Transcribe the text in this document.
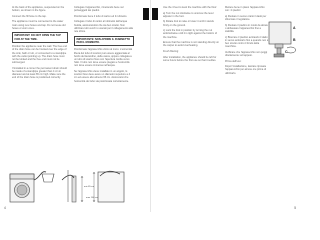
At the back of the appliance, suspended on the bottom, as shown in the figure.

Connect the fill hose to the tap.

The appliance must be connected to the water main using new hoses and tap. Do not reuse old hoses or worn ones.

IMPORTANT: DO NOT OPEN THE TAP FOR AT THE TIME.

Position the appliance near the wall. The free end of the drain hose can be hooked over the edge of the sink, bath or tub, or connected to a standpipe with the outlet pointing up. The drain hose must not be kinked and the free end must not be submerged.

If installed in a corner the permanent drain should be made of a standpipe greater than 4 cm in diameter and at least 65 cm high. Make sure the end of the drain hose is positioned correctly.

Collegare l'apparecchio, rimettendo bene nel portaoggetti dei piedini.

Posizionare bene il tubo di carico ed il rubinetto.

Collegare il tubo di carico al rubinetto dell'acqua fredda, assicurandosi che sia ben stretto. Non utilizzare tubi vecchi o usurati per il collegamento alla rete idrica.

IMPORTANTE: NON APRIRE IL RUBINETTO PER IL MOMENTO.

Posizionare l'apparecchio vicino al muro. L'estremità libera del tubo di scarico può essere agganciata al bordo del lavandino, della vasca, oppure collegata a un tubo di scarico fisso con l'apertura rivolta verso l'alto. Il tubo non deve essere piegato e l'estremità non deve essere immersa nell'acqua.

Se l'apparecchio viene installato in un angolo, lo scarico fisso deve avere un diametro superiore a 4 cm ed essere alto almeno 65 cm. Assicurarsi che l'estremità del tubo sia posizionata correttamente.

min 65 cm
max 100 cm
4

Use the 4 feet to level the machine with the floor:

a) Turn the nut clockwise to unscrew the level adjuster in the foot.

b) Rotate foot to raise or lower it until it stands firmly on the ground.

c) Lock the foot in position by turning the nut anticlockwise until it is tight against the bottom of the machine.

Ensure that the machine is not standing directly on the carpet to avoid overheating.

Fresh filtering:

After installation, the appliance should be left for some hours before the first use so that it settles.

Mettere bene in piano l'apparecchio con i 4 piedini:

a) Ruotare in senso orario il dado per sbloccare il regolatore.

b) Ruotare il piedino in modo da alzare o abbassare l'apparecchio fino a stabilità.

c) Bloccare il piedino avvitando il dado in senso antiorario fino a quando non è ben stretto contro il fondo della macchina.

Verificare che l'apparecchio non poggi direttamente sul tappeto.

Prima dell'uso:

Dopo l'installazione, lasciare riposare l'apparecchio per alcune ore prima di utilizzarlo.

A
B
C
5
